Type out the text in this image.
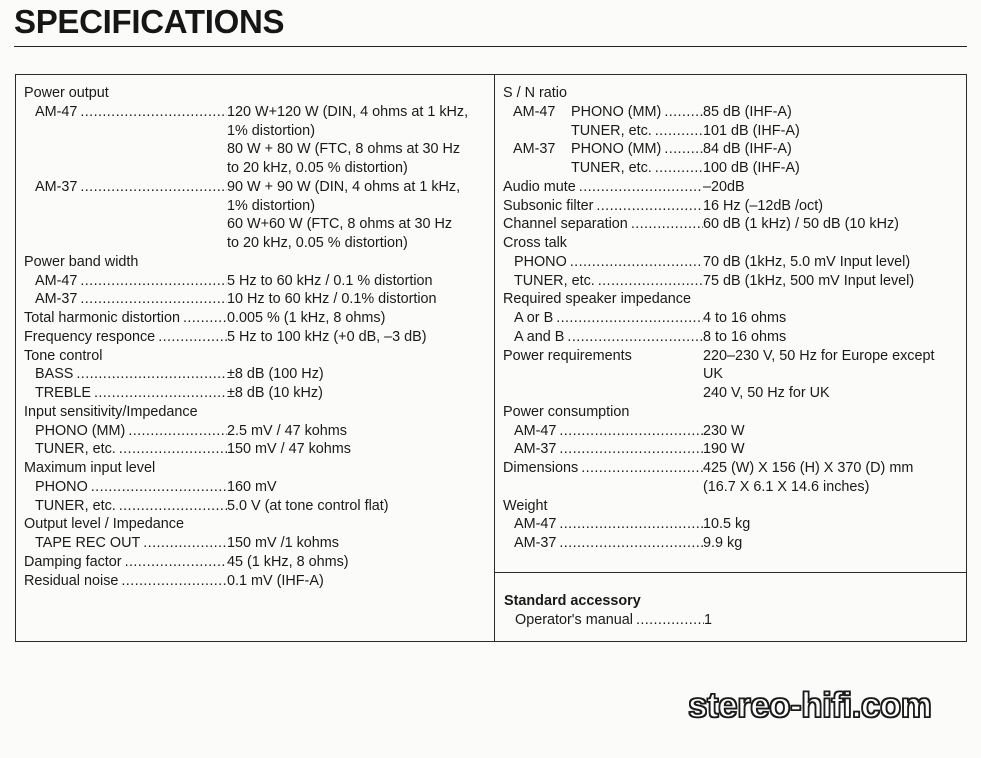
SPECIFICATIONS
Power output
AM-47 .....	120 W+120 W (DIN, 4 ohms at 1 kHz,
1% distortion)
80 W + 80 W (FTC, 8 ohms at 30 Hz
to 20 kHz, 0.05 % distortion)
AM-37 .....	90 W + 90 W (DIN, 4 ohms at 1 kHz,
1% distortion)
60 W+60 W (FTC, 8 ohms at 30 Hz
to 20 kHz, 0.05 % distortion)
Power band width
AM-47 .....	5 Hz to 60 kHz / 0.1 % distortion
AM-37 .....	10 Hz to 60 kHz / 0.1% distortion
Total harmonic distortion .....	0.005 % (1 kHz, 8 ohms)
Frequency responce .....	5 Hz to 100 kHz (+0 dB, –3 dB)
Tone control
BASS .....	±8 dB (100 Hz)
TREBLE .....	±8 dB (10 kHz)
Input sensitivity/Impedance
PHONO (MM) .....	2.5 mV / 47 kohms
TUNER, etc. .....	150 mV / 47 kohms
Maximum input level
PHONO .....	160 mV
TUNER, etc. .....	5.0 V (at tone control flat)
Output level / Impedance
TAPE REC OUT .....	150 mV /1 kohms
Damping factor .....	45 (1 kHz, 8 ohms)
Residual noise .....	0.1 mV (IHF-A)
S / N ratio
AM-47	PHONO (MM) .....	85 dB (IHF-A)
TUNER, etc. .....	101 dB (IHF-A)
AM-37	PHONO (MM) .....	84 dB (IHF-A)
TUNER, etc. .....	100 dB (IHF-A)
Audio mute .....	–20dB
Subsonic filter .....	16 Hz (–12dB /oct)
Channel separation .....	60 dB (1 kHz) / 50 dB (10 kHz)
Cross talk
PHONO .....	70 dB (1kHz, 5.0 mV Input level)
TUNER, etc. .....	75 dB (1kHz, 500 mV Input level)
Required speaker impedance
A or B .....	4 to 16 ohms
A and B .....	8 to 16 ohms
Power requirements	220–230 V, 50 Hz for Europe except
UK
240 V, 50 Hz for UK
Power consumption
AM-47 .....	230 W
AM-37 .....	190 W
Dimensions .....	425 (W) X 156 (H) X 370 (D) mm
(16.7 X 6.1 X 14.6 inches)
Weight
AM-47 .....	10.5 kg
AM-37 .....	9.9 kg
Standard accessory
Operator's manual .....	1
stereo-hifi.com
